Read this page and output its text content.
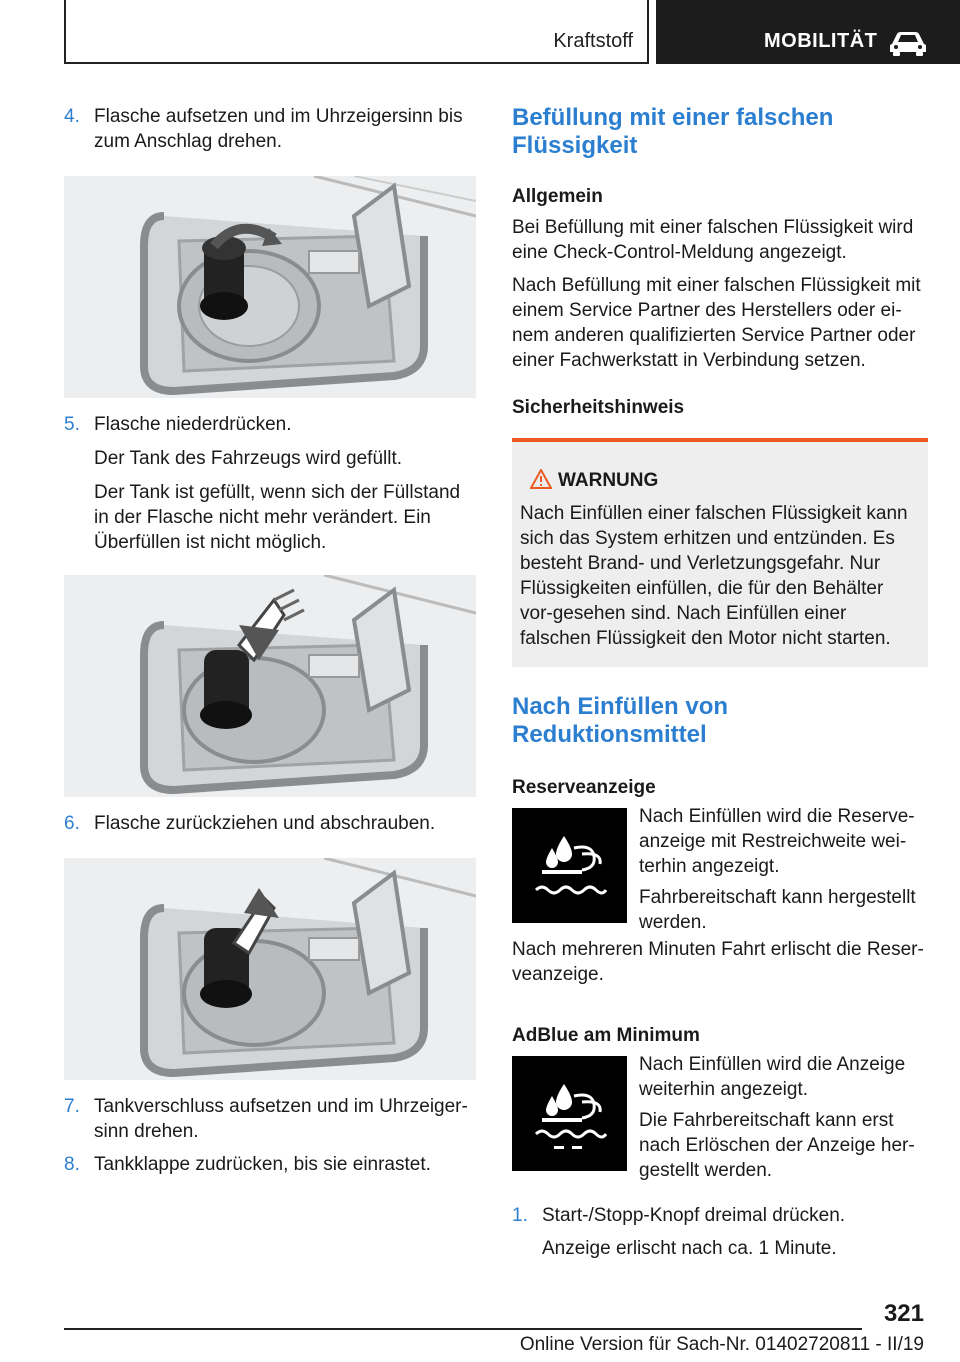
Kraftstoff	MOBILITÄT
4. Flasche aufsetzen und im Uhrzeigersinn bis zum Anschlag drehen.

5. Flasche niederdrücken.

Der Tank des Fahrzeugs wird gefüllt.

Der Tank ist gefüllt, wenn sich der Füllstand in der Flasche nicht mehr verändert. Ein Überfüllen ist nicht möglich.

6. Flasche zurückziehen und abschrauben.

7. Tankverschluss aufsetzen und im Uhrzeiger-sinn drehen.

8. Tankklappe zudrücken, bis sie einrastet.

Befüllung mit einer falschen Flüssigkeit
Allgemein

Bei Befüllung mit einer falschen Flüssigkeit wird eine Check-Control-Meldung angezeigt.

Nach Befüllung mit einer falschen Flüssigkeit mit einem Service Partner des Herstellers oder ei-nem anderen qualifizierten Service Partner oder einer Fachwerkstatt in Verbindung setzen.

Sicherheitshinweis
WARNUNG

Nach Einfüllen einer falschen Flüssigkeit kann sich das System erhitzen und entzünden. Es besteht Brand- und Verletzungsgefahr. Nur Flüssigkeiten einfüllen, die für den Behälter vor-gesehen sind. Nach Einfüllen einer falschen Flüssigkeit den Motor nicht starten.

Nach Einfüllen von Reduktionsmittel
Reserveanzeige

Nach Einfüllen wird die Reserve-anzeige mit Restreichweite wei-terhin angezeigt.

Fahrbereitschaft kann hergestellt werden.

Nach mehreren Minuten Fahrt erlischt die Reser-veanzeige.

AdBlue am Minimum

Nach Einfüllen wird die Anzeige weiterhin angezeigt.

Die Fahrbereitschaft kann erst nach Erlöschen der Anzeige her-gestellt werden.

1. Start-/Stopp-Knopf dreimal drücken.

Anzeige erlischt nach ca. 1 Minute.

321
Online Version für Sach-Nr. 01402720811 - II/19
